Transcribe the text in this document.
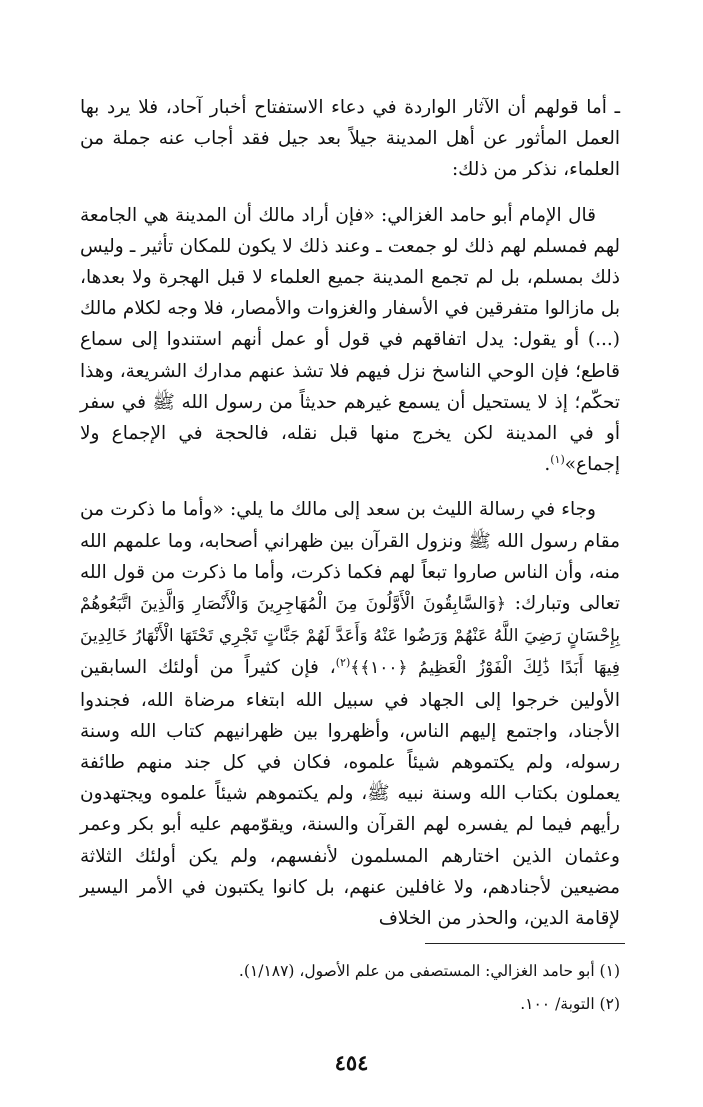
ـ أما قولهم أن الآثار الواردة في دعاء الاستفتاح أخبار آحاد، فلا يرد بها العمل المأثور عن أهل المدينة جيلاً بعد جيل فقد أجاب عنه جملة من العلماء، نذكر من ذلك:

قال الإمام أبو حامد الغزالي: «فإن أراد مالك أن المدينة هي الجامعة لهم فمسلم لهم ذلك لو جمعت ـ وعند ذلك لا يكون للمكان تأثير ـ وليس ذلك بمسلم، بل لم تجمع المدينة جميع العلماء لا قبل الهجرة ولا بعدها، بل مازالوا متفرقين في الأسفار والغزوات والأمصار، فلا وجه لكلام مالك (...) أو يقول: يدل اتفاقهم في قول أو عمل أنهم استندوا إلى سماع قاطع؛ فإن الوحي الناسخ نزل فيهم فلا تشذ عنهم مدارك الشريعة، وهذا تحكّم؛ إذ لا يستحيل أن يسمع غيرهم حديثاً من رسول الله ﷺ في سفر أو في المدينة لكن يخرج منها قبل نقله، فالحجة في الإجماع ولا إجماع»$^{(١)}$.

وجاء في رسالة الليث بن سعد إلى مالك ما يلي: «وأما ما ذكرت من مقام رسول الله ﷺ ونزول القرآن بين ظهراني أصحابه، وما علمهم الله منه، وأن الناس صاروا تبعاً لهم فكما ذكرت، وأما ما ذكرت من قول الله تعالى وتبارك: ﴿وَالسَّابِقُونَ الْأَوَّلُونَ مِنَ الْمُهَاجِرِينَ وَالْأَنْصَارِ وَالَّذِينَ اتَّبَعُوهُمْ بِإِحْسَانٍ رَضِيَ اللَّهُ عَنْهُمْ وَرَضُوا عَنْهُ وَأَعَدَّ لَهُمْ جَنَّاتٍ تَجْرِي تَحْتَهَا الْأَنْهَارُ خَالِدِينَ فِيهَا أَبَدًا ذَٰلِكَ الْفَوْزُ الْعَظِيمُ ﴿١٠٠﴾﴾$^{(٢)}$، فإن كثيراً من أولئك السابقين الأولين خرجوا إلى الجهاد في سبيل الله ابتغاء مرضاة الله، فجندوا الأجناد، واجتمع إليهم الناس، وأظهروا بين ظهرانيهم كتاب الله وسنة رسوله، ولم يكتموهم شيئاً علموه، فكان في كل جند منهم طائفة يعملون بكتاب الله وسنة نبيه ﷺ، ولم يكتموهم شيئاً علموه ويجتهدون رأيهم فيما لم يفسره لهم القرآن والسنة، ويقوّمهم عليه أبو بكر وعمر وعثمان الذين اختارهم المسلمون لأنفسهم، ولم يكن أولئك الثلاثة مضيعين لأجنادهم، ولا غافلين عنهم، بل كانوا يكتبون في الأمر اليسير لإقامة الدين، والحذر من الخلاف

(١) أبو حامد الغزالي: المستصفى من علم الأصول، (١/١٨٧).

(٢) التوبة/ ١٠٠.

٤٥٤
